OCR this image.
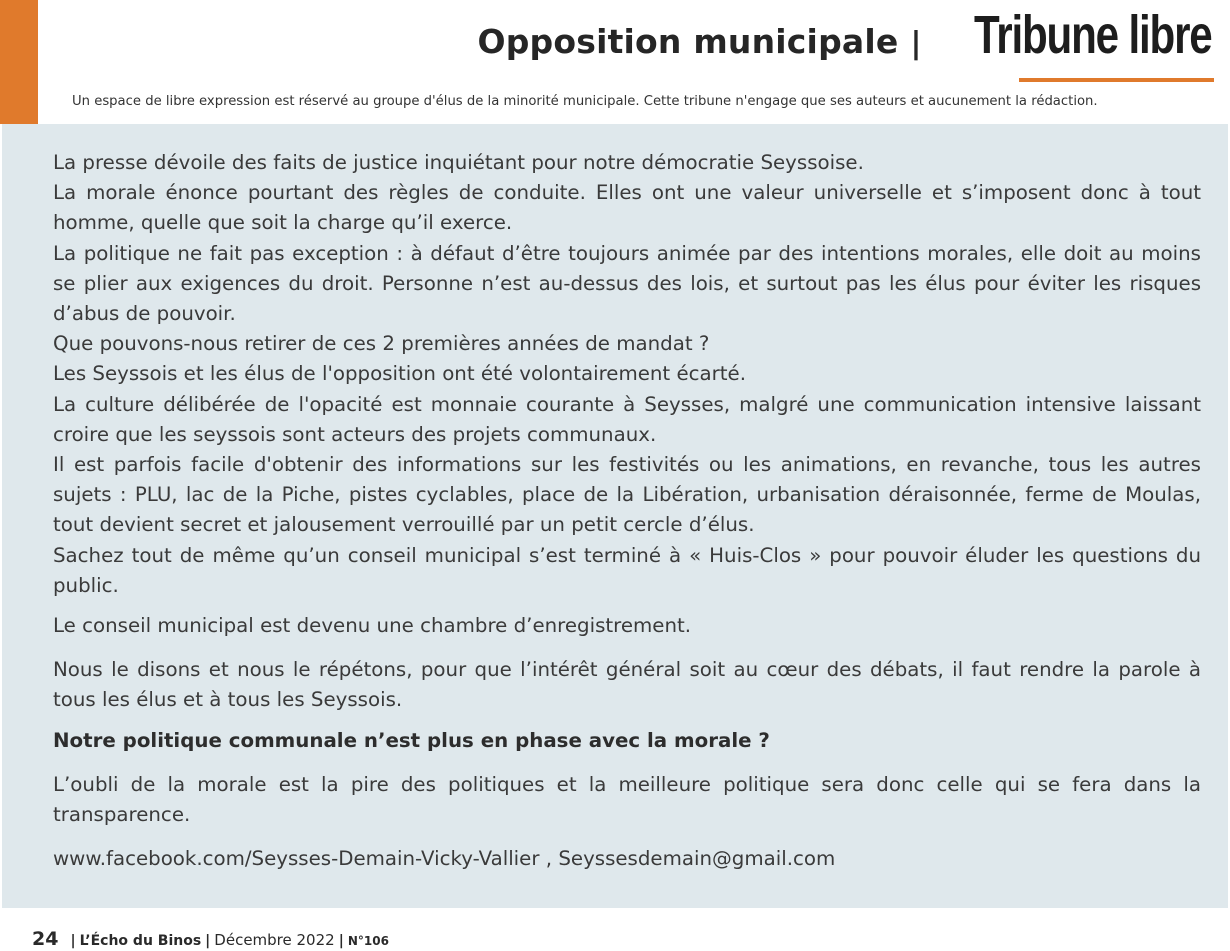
Opposition municipale | Tribune libre
Un espace de libre expression est réservé au groupe d'élus de la minorité municipale. Cette tribune n'engage que ses auteurs et aucunement la rédaction.

La presse dévoile des faits de justice inquiétant pour notre démocratie Seyssoise.

La morale énonce pourtant des règles de conduite. Elles ont une valeur universelle et s’imposent donc à tout homme, quelle que soit la charge qu’il exerce.

La politique ne fait pas exception : à défaut d’être toujours animée par des intentions morales, elle doit au moins se plier aux exigences du droit. Personne n’est au-dessus des lois, et surtout pas les élus pour éviter les risques d’abus de pouvoir.

Que pouvons-nous retirer de ces 2 premières années de mandat ?

Les Seyssois et les élus de l'opposition ont été volontairement écarté.

La culture délibérée de l'opacité est monnaie courante à Seysses, malgré une communication intensive laissant croire que les seyssois sont acteurs des projets communaux.

Il est parfois facile d'obtenir des informations sur les festivités ou les animations, en revanche, tous les autres sujets : PLU, lac de la Piche, pistes cyclables, place de la Libération, urbanisation déraisonnée, ferme de Moulas, tout devient secret et jalousement verrouillé par un petit cercle d’élus.

Sachez tout de même qu’un conseil municipal s’est terminé à « Huis-Clos » pour pouvoir éluder les questions du public.

Le conseil municipal est devenu une chambre d’enregistrement.

Nous le disons et nous le répétons, pour que l’intérêt général soit au cœur des débats, il faut rendre la parole à tous les élus et à tous les Seyssois.

Notre politique communale n’est plus en phase avec la morale ?

L’oubli de la morale est la pire des politiques et la meilleure politique sera donc celle qui se fera dans la transparence.

www.facebook.com/Seysses-Demain-Vicky-Vallier , Seyssesdemain@gmail.com

24 | L’Écho du Binos | Décembre 2022 | N°106
